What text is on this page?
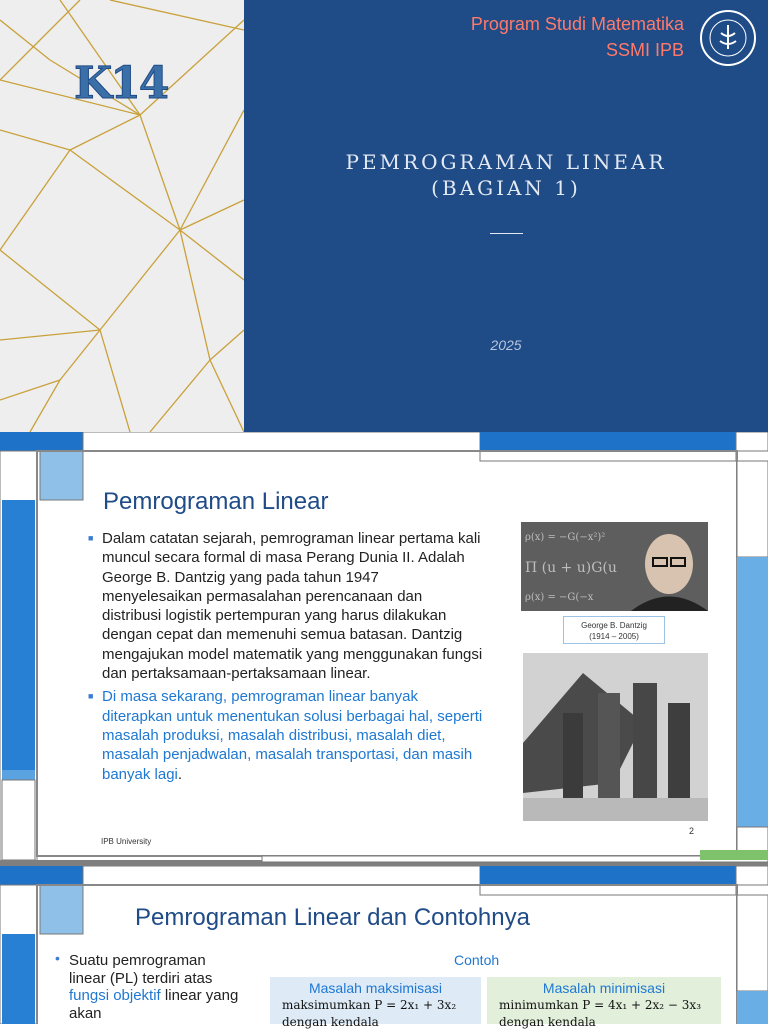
K14
Program Studi Matematika
SSMI IPB
PEMROGRAMAN LINEAR
(BAGIAN 1)
2025
Pemrograman Linear
■ Dalam catatan sejarah, pemrograman linear pertama kali muncul secara formal di masa Perang Dunia II. Adalah George B. Dantzig yang pada tahun 1947 menyelesaikan permasalahan perencanaan dan distribusi logistik pertempuran yang harus dilakukan dengan cepat dan memenuhi semua batasan. Dantzig mengajukan model matematik yang menggunakan fungsi dan pertaksamaan-pertaksamaan linear.
■ Di masa sekarang, pemrograman linear banyak diterapkan untuk menentukan solusi berbagai hal, seperti masalah produksi, masalah distribusi, masalah diet, masalah penjadwalan, masalah transportasi, dan masih banyak lagi.
ρ(x) = −G(−x²)²
Π (u + u)G(u
ρ(x) = −G(−x
George B. Dantzig
(1914 – 2005)
IPB University
2
Pemrograman Linear dan Contohnya
• Suatu pemrograman linear (PL) terdiri atas fungsi objektif linear yang akan
Contoh
Masalah maksimisasi
maksimumkan P = 2x₁ + 3x₂
dengan kendala
Masalah minimisasi
minimumkan P = 4x₁ + 2x₂ − 3x₃
dengan kendala
